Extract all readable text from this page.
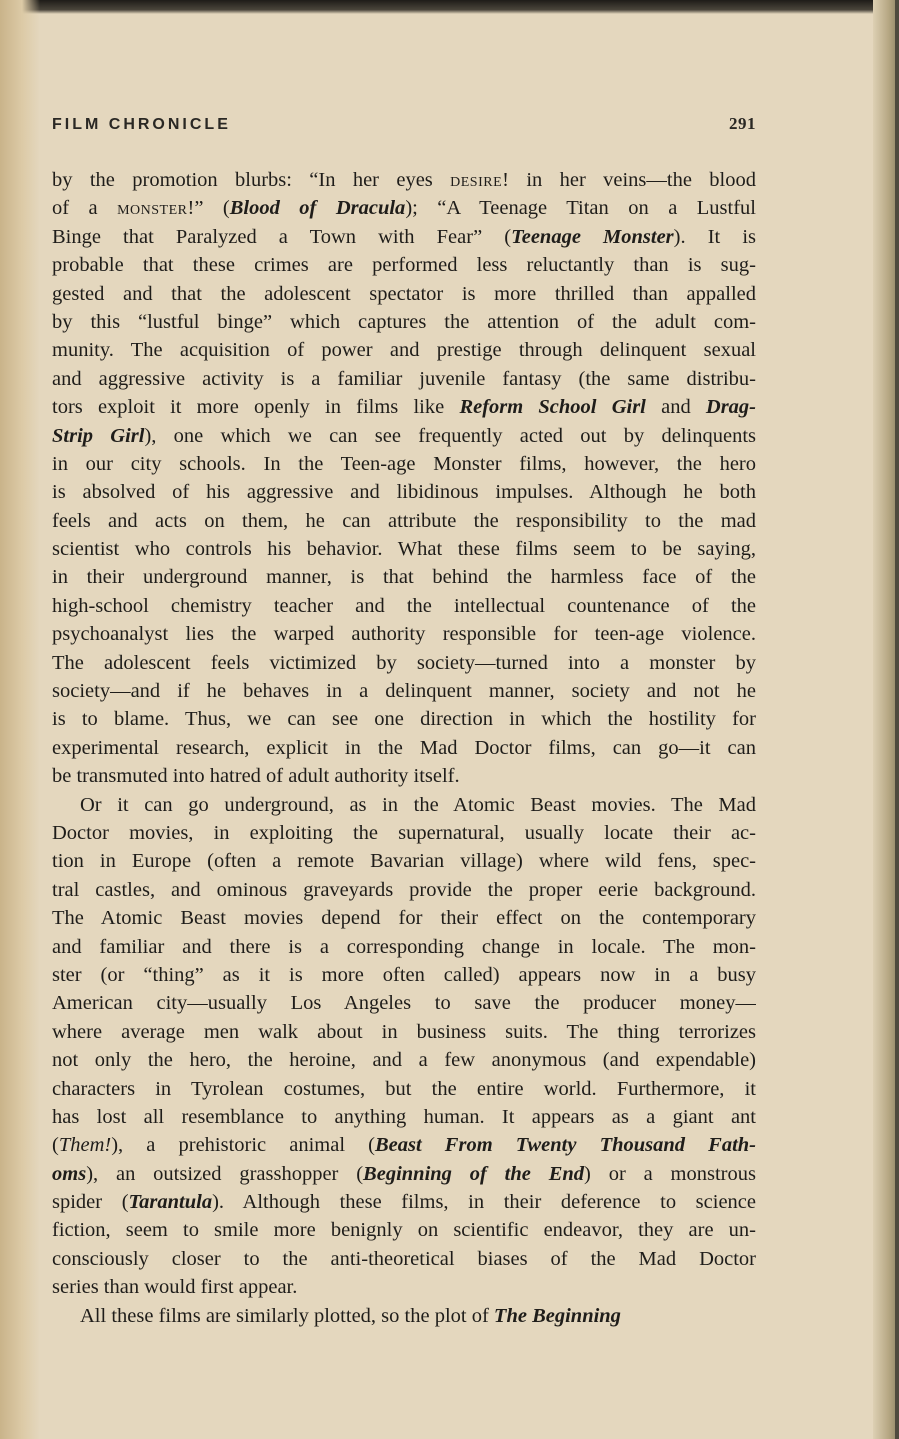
FILM CHRONICLE	291
by the promotion blurbs: “In her eyes desire! in her veins—the blood
of a monster!” (Blood of Dracula); “A Teenage Titan on a Lustful
Binge that Paralyzed a Town with Fear” (Teenage Monster). It is
probable that these crimes are performed less reluctantly than is sug-
gested and that the adolescent spectator is more thrilled than appalled
by this “lustful binge” which captures the attention of the adult com-
munity. The acquisition of power and prestige through delinquent sexual
and aggressive activity is a familiar juvenile fantasy (the same distribu-
tors exploit it more openly in films like Reform School Girl and Drag-
Strip Girl), one which we can see frequently acted out by delinquents
in our city schools. In the Teen-age Monster films, however, the hero
is absolved of his aggressive and libidinous impulses. Although he both
feels and acts on them, he can attribute the responsibility to the mad
scientist who controls his behavior. What these films seem to be saying,
in their underground manner, is that behind the harmless face of the
high-school chemistry teacher and the intellectual countenance of the
psychoanalyst lies the warped authority responsible for teen-age violence.
The adolescent feels victimized by society—turned into a monster by
society—and if he behaves in a delinquent manner, society and not he
is to blame. Thus, we can see one direction in which the hostility for
experimental research, explicit in the Mad Doctor films, can go—it can
be transmuted into hatred of adult authority itself.
Or it can go underground, as in the Atomic Beast movies. The Mad
Doctor movies, in exploiting the supernatural, usually locate their ac-
tion in Europe (often a remote Bavarian village) where wild fens, spec-
tral castles, and ominous graveyards provide the proper eerie background.
The Atomic Beast movies depend for their effect on the contemporary
and familiar and there is a corresponding change in locale. The mon-
ster (or “thing” as it is more often called) appears now in a busy
American city—usually Los Angeles to save the producer money—
where average men walk about in business suits. The thing terrorizes
not only the hero, the heroine, and a few anonymous (and expendable)
characters in Tyrolean costumes, but the entire world. Furthermore, it
has lost all resemblance to anything human. It appears as a giant ant
(Them!), a prehistoric animal (Beast From Twenty Thousand Fath-
oms), an outsized grasshopper (Beginning of the End) or a monstrous
spider (Tarantula). Although these films, in their deference to science
fiction, seem to smile more benignly on scientific endeavor, they are un-
consciously closer to the anti-theoretical biases of the Mad Doctor
series than would first appear.
All these films are similarly plotted, so the plot of The Beginning
